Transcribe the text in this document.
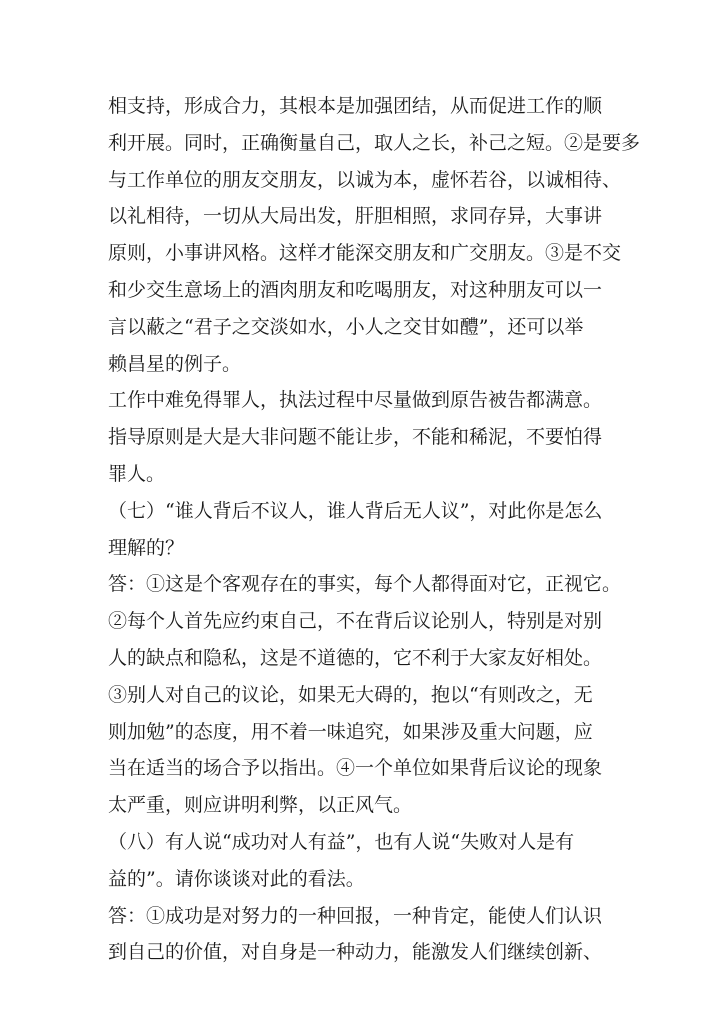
相支持，形成合力，其根本是加强团结，从而促进工作的顺
利开展。同时，正确衡量自己，取人之长，补己之短。②是要多
与工作单位的朋友交朋友，以诚为本，虚怀若谷，以诚相待、
以礼相待，一切从大局出发，肝胆相照，求同存异，大事讲
原则，小事讲风格。这样才能深交朋友和广交朋友。③是不交
和少交生意场上的酒肉朋友和吃喝朋友，对这种朋友可以一
言以蔽之“君子之交淡如水，小人之交甘如醴”，还可以举
赖昌星的例子。
工作中难免得罪人，执法过程中尽量做到原告被告都满意。
指导原则是大是大非问题不能让步，不能和稀泥，不要怕得
罪人。
（七）“谁人背后不议人，谁人背后无人议”，对此你是怎么
理解的？
答：①这是个客观存在的事实，每个人都得面对它，正视它。
②每个人首先应约束自己，不在背后议论别人，特别是对别
人的缺点和隐私，这是不道德的，它不利于大家友好相处。
③别人对自己的议论，如果无大碍的，抱以“有则改之，无
则加勉”的态度，用不着一味追究，如果涉及重大问题，应
当在适当的场合予以指出。④一个单位如果背后议论的现象
太严重，则应讲明利弊，以正风气。
（八）有人说“成功对人有益”，也有人说“失败对人是有
益的”。请你谈谈对此的看法。
答：①成功是对努力的一种回报，一种肯定，能使人们认识
到自己的价值，对自身是一种动力，能激发人们继续创新、
